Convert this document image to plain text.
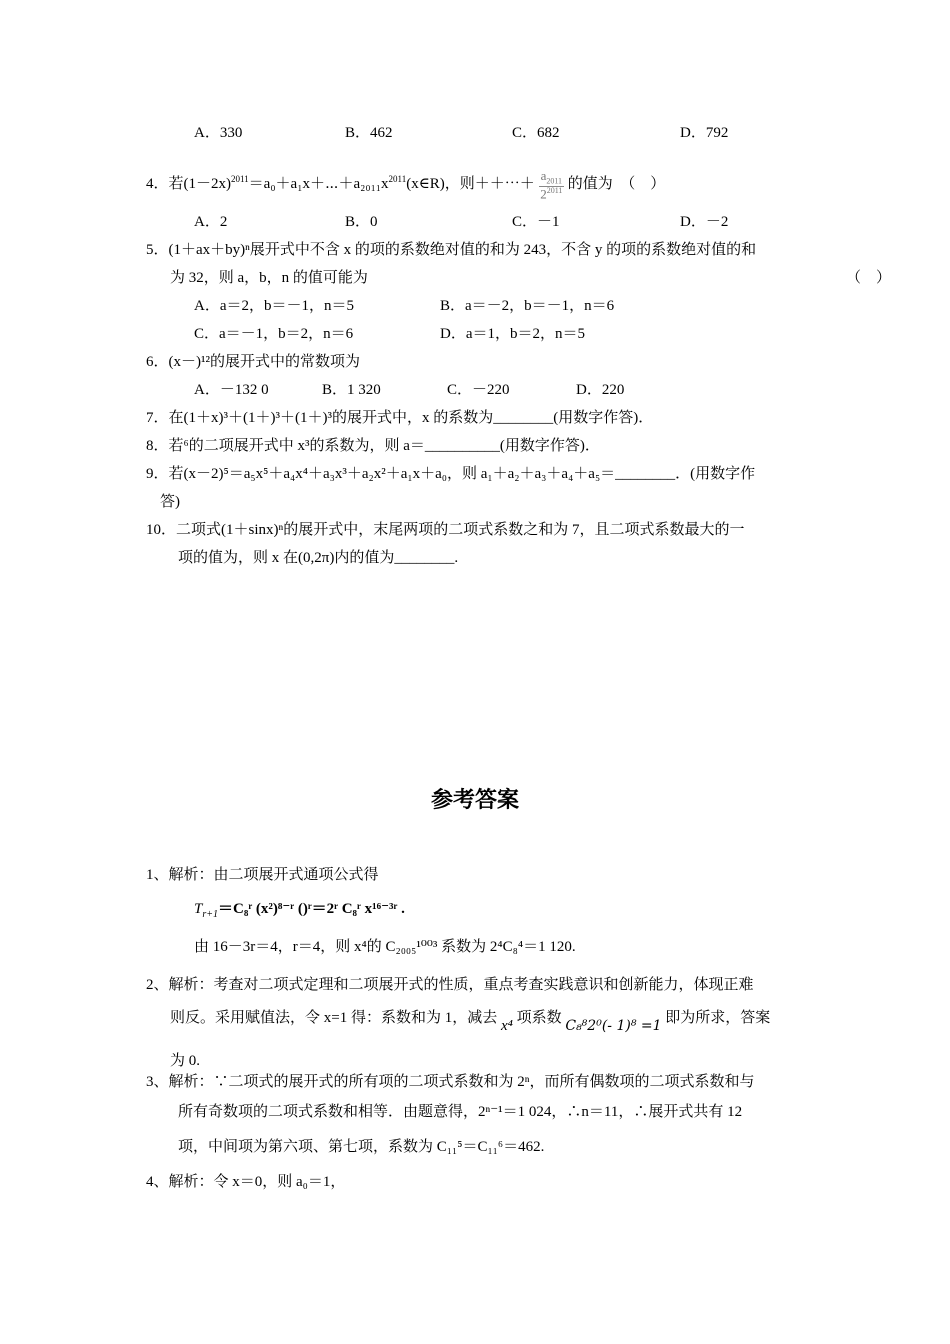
A．330	B．462	C．682	D．792
4．若$(1-2x)^{2011}=a_0+a_1x+\cdots+a_{2011}x^{2011}(x\in R)$，则＋＋⋯＋ $\frac{a_{2011}}{2^{2011}}$ 的值为　（　）
A．2	B．0	C．－1	D．－2
5．(1＋ax＋by)ⁿ展开式中不含 x 的项的系数绝对值的和为 243，不含 y 的项的系数绝对值的和
为 32，则 a，b，n 的值可能为	（　）
A．a＝2，b＝－1，n＝5	B．a＝－2，b＝－1，n＝6
C．a＝－1，b＝2，n＝6	D．a＝1，b＝2，n＝5
6．(x－)¹²的展开式中的常数项为
A．－132 0	B．1 320	C．－220	D．220
7．在(1＋x)³＋(1＋)³＋(1＋)³的展开式中，x 的系数为________(用数字作答)．
8．若⁶的二项展开式中 x³的系数为，则 a＝__________(用数字作答)．
9．若(x－2)⁵＝a₅x⁵＋a₄x⁴＋a₃x³＋a₂x²＋a₁x＋a₀，则 a₁＋a₂＋a₃＋a₄＋a₅＝________．(用数字作
答)
10．二项式(1＋sinx)ⁿ的展开式中，末尾两项的二项式系数之和为 7，且二项式系数最大的一
项的值为，则 x 在(0,2π)内的值为________.
参考答案
1、解析：由二项展开式通项公式得
$T_{r+1}=C_8ʳ$ (x²)⁸⁻ʳ ()ʳ＝2ʳ C₈ʳ x¹⁶⁻³ʳ .
由 16－3r＝4，r＝4，则 x⁴的 C₂₀₀₅¹⁰⁰³ 系数为 2⁴C₈⁴＝1 120.
2、解析：考查对二项式定理和二项展开式的性质，重点考查实践意识和创新能力，体现正难
则反。采用赋值法，令 x=1 得：系数和为 1，减去 x⁴ 项系数 C₈⁸2⁰(- 1)⁸ =1 即为所求，答案
为 0.
3、解析：∵二项式的展开式的所有项的二项式系数和为 2ⁿ，而所有偶数项的二项式系数和与
所有奇数项的二项式系数和相等．由题意得，2ⁿ⁻¹＝1 024，∴n＝11，∴展开式共有 12
项，中间项为第六项、第七项，系数为 C₁₁⁵＝C₁₁⁶＝462.
4、解析：令 x＝0，则 a₀＝1，
